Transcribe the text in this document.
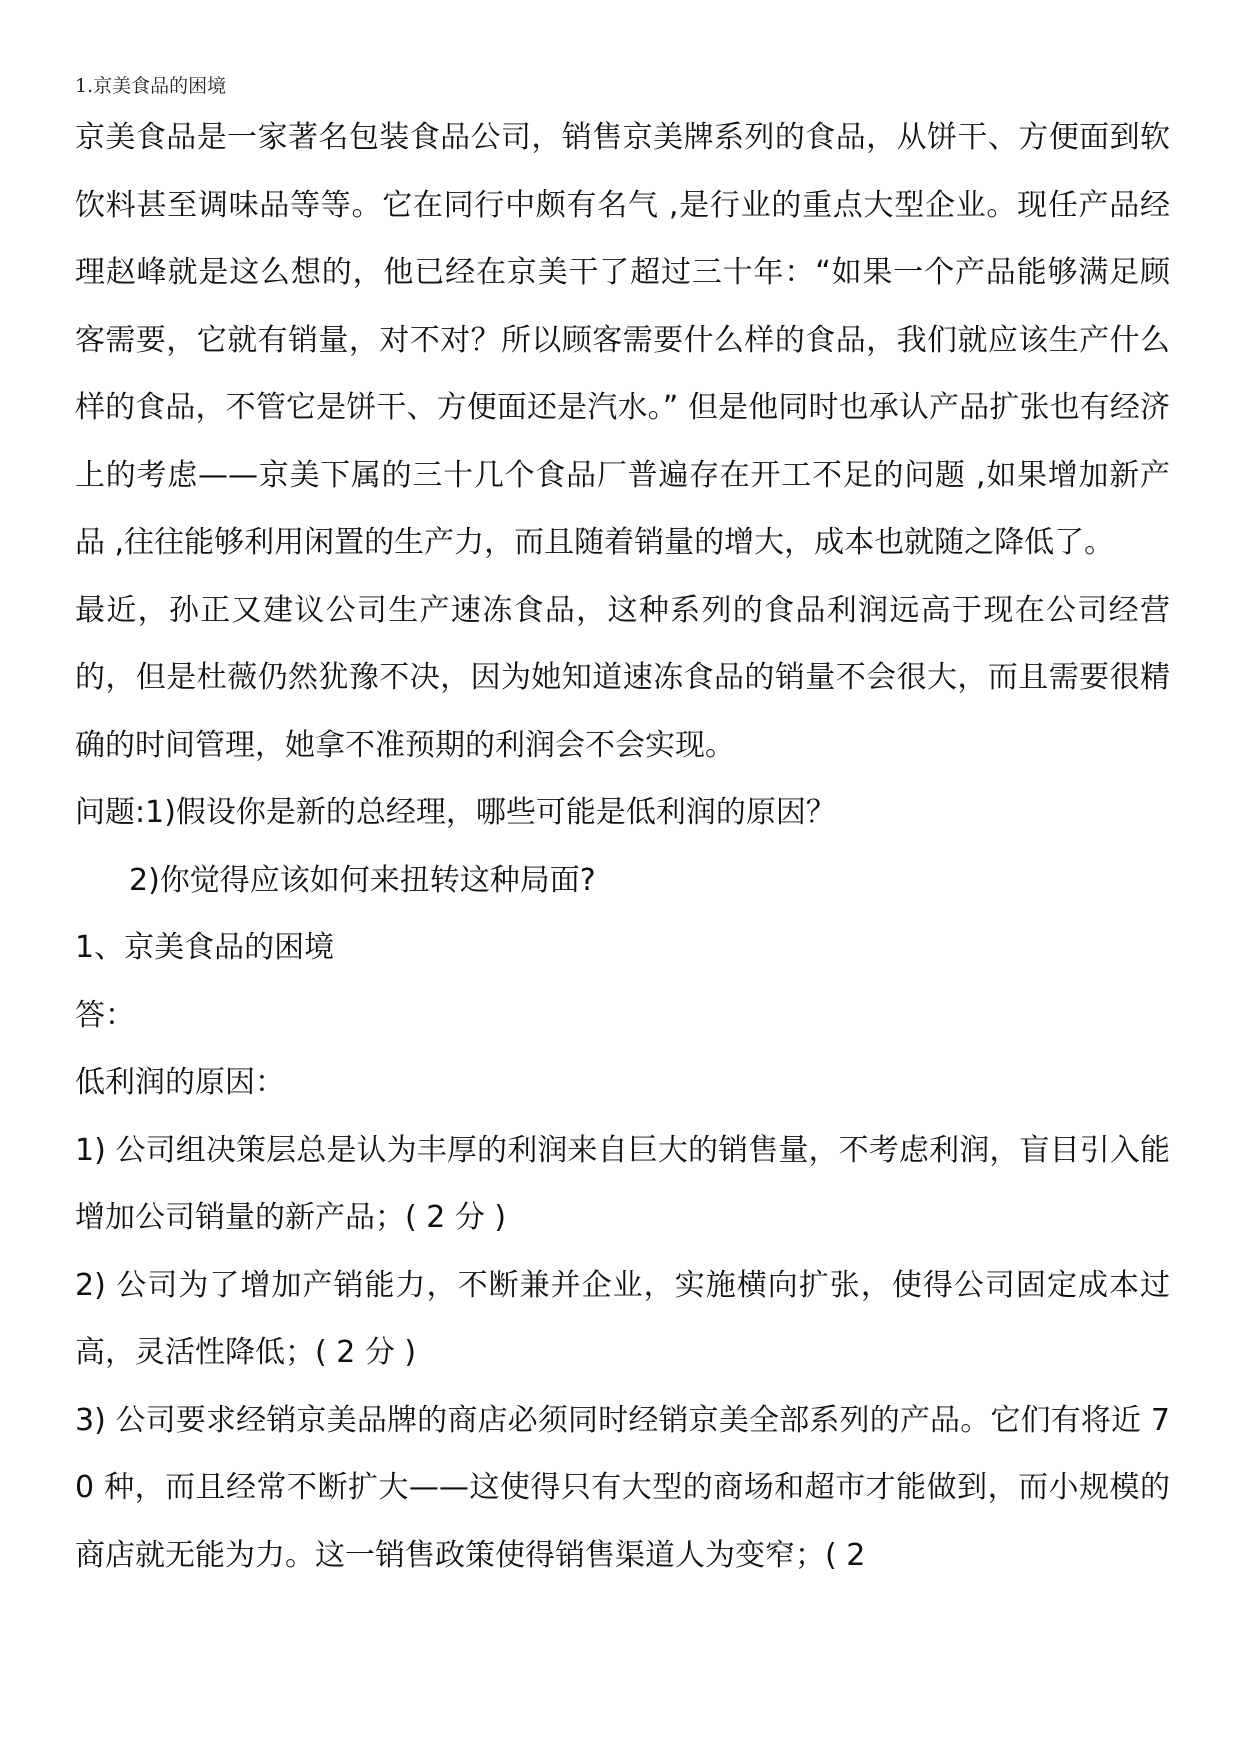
1.京美食品的困境

京美食品是一家著名包装食品公司，销售京美牌系列的食品，从饼干、方便面到软饮料甚至调味品等等。它在同行中颇有名气 ,是行业的重点大型企业。现任产品经理赵峰就是这么想的，他已经在京美干了超过三十年：“如果一个产品能够满足顾客需要，它就有销量，对不对？所以顾客需要什么样的食品，我们就应该生产什么样的食品，不管它是饼干、方便面还是汽水。” 但是他同时也承认产品扩张也有经济上的考虑——京美下属的三十几个食品厂普遍存在开工不足的问题 ,如果增加新产品 ,往往能够利用闲置的生产力，而且随着销量的增大，成本也就随之降低了。

最近，孙正又建议公司生产速冻食品，这种系列的食品利润远高于现在公司经营的，但是杜薇仍然犹豫不决，因为她知道速冻食品的销量不会很大，而且需要很精确的时间管理，她拿不准预期的利润会不会实现。

问题:1)假设你是新的总经理，哪些可能是低利润的原因？

2)你觉得应该如何来扭转这种局面?

1、京美食品的困境

答：

低利润的原因：

1) 公司组决策层总是认为丰厚的利润来自巨大的销售量，不考虑利润，盲目引入能增加公司销量的新产品；( 2 分 )

2) 公司为了增加产销能力，不断兼并企业，实施横向扩张，使得公司固定成本过高，灵活性降低；( 2 分 )

3) 公司要求经销京美品牌的商店必须同时经销京美全部系列的产品。它们有将近 70 种，而且经常不断扩大——这使得只有大型的商场和超市才能做到，而小规模的商店就无能为力。这一销售政策使得销售渠道人为变窄；( 2
